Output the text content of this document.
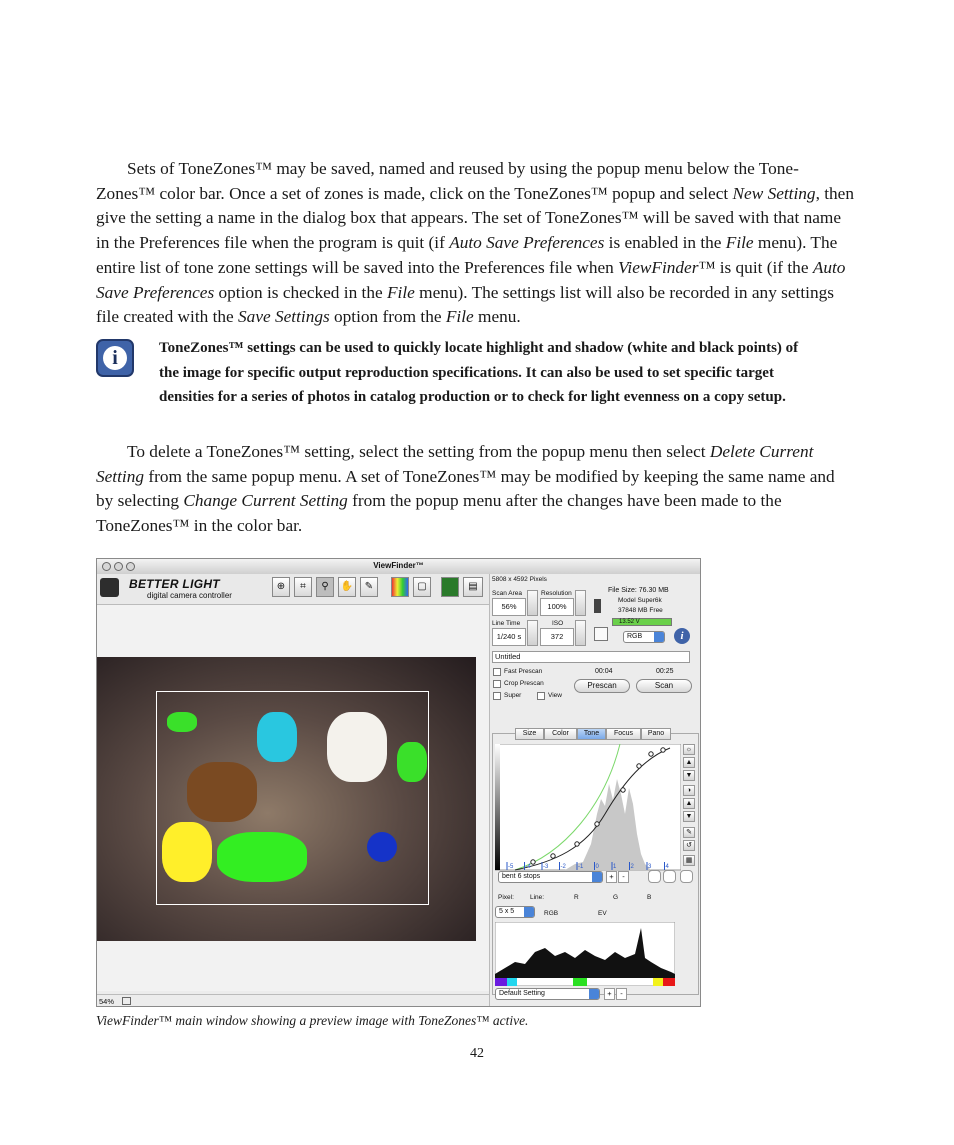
Sets of ToneZones™ may be saved, named and reused by using the popup menu below the Tone-Zones™ color bar. Once a set of zones is made, click on the ToneZones™ popup and select New Setting, then give the setting a name in the dialog box that appears. The set of ToneZones™ will be saved with that name in the Preferences file when the program is quit (if Auto Save Preferences is enabled in the File menu). The entire list of tone zone settings will be saved into the Preferences file when ViewFinder™ is quit (if the Auto Save Preferences option is checked in the File menu). The settings list will also be recorded in any settings file created with the Save Settings option from the File menu.

i	ToneZones™ settings can be used to quickly locate highlight and shadow (white and black points) of the image for specific output reproduction specifications. It can also be used to set specific target densities for a series of photos in catalog production or to check for light evenness on a copy setup.

To delete a ToneZones™ setting, select the setting from the popup menu then select Delete Current Setting from the same popup menu. A set of ToneZones™ may be modified by keeping the same name and by selecting Change Current Setting from the popup menu after the changes have been made to the ToneZones™ in the color bar.

ViewFinder™
BETTER LIGHT
digital camera controller
⊕	⌗	⚲	✋	✎	▢	▤
54%
5808 x 4592 Pixels
Scan Area
56%
Resolution
100%
File Size: 76.30 MB
Model Super6k
37848 MB Free
13.52 V
Line Time
1/240 s
ISO
372	RGB	i
Untitled
Fast Prescan
Crop Prescan
Super	View
00:04	00:25
Prescan	Scan
Size	Color	Tone	Focus	Pano
-5 -4 -3 -2 -1 0 1 2 3 4
☼
▲
▼
◑
▲
▼
✎
↺
▦
bent 6 stops	+	-
Pixel: Line:	R	G	B
5 x 5	RGB	EV
Default Setting	+	-
ViewFinder™ main window showing a preview image with ToneZones™ active.
42
